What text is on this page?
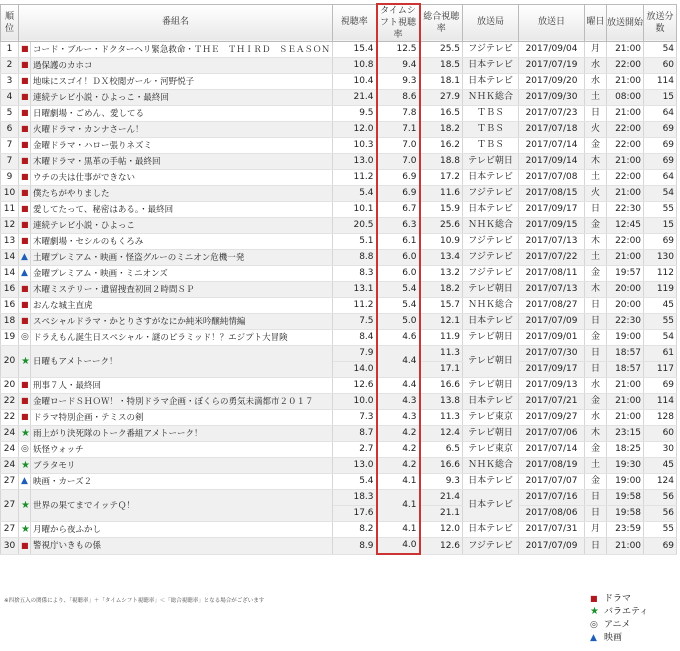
順位	番組名		視聴率	タイムシフト視聴率	総合視聴率	放送局	放送日	曜日	放送開始	放送分数

1	■	コード・ブルー・ドクターヘリ緊急救命・ＴＨＥ　ＴＨＩＲＤ　ＳＥＡＳＯＮ	15.4	12.5	25.5	フジテレビ	2017/09/04	月	21:00	54
2	■	過保護のカホコ	10.8	9.4	18.5	日本テレビ	2017/07/19	水	22:00	60
3	■	地味にスゴイ！ＤＸ校閲ガール・河野悦子	10.4	9.3	18.1	日本テレビ	2017/09/20	水	21:00	114
4	■	連続テレビ小説・ひよっこ・最終回	21.4	8.6	27.9	ＮＨＫ総合	2017/09/30	土	08:00	15
5	■	日曜劇場・ごめん、愛してる	9.5	7.8	16.5	ＴＢＳ	2017/07/23	日	21:00	64
6	■	火曜ドラマ・カンナさーん！	12.0	7.1	18.2	ＴＢＳ	2017/07/18	火	22:00	69
7	■	金曜ドラマ・ハロー張りネズミ	10.3	7.0	16.2	ＴＢＳ	2017/07/14	金	22:00	69
7	■	木曜ドラマ・黒革の手帖・最終回	13.0	7.0	18.8	テレビ朝日	2017/09/14	木	21:00	69
9	■	ウチの夫は仕事ができない	11.2	6.9	17.2	日本テレビ	2017/07/08	土	22:00	64
10	■	僕たちがやりました	5.4	6.9	11.6	フジテレビ	2017/08/15	火	21:00	54
11	■	愛してたって、秘密はある。・最終回	10.1	6.7	15.9	日本テレビ	2017/09/17	日	22:30	55
12	■	連続テレビ小説・ひよっこ	20.5	6.3	25.6	ＮＨＫ総合	2017/09/15	金	12:45	15
13	■	木曜劇場・セシルのもくろみ	5.1	6.1	10.9	フジテレビ	2017/07/13	木	22:00	69
14	▲	土曜プレミアム・映画・怪盗グルーのミニオン危機一発	8.8	6.0	13.4	フジテレビ	2017/07/22	土	21:00	130
14	▲	金曜プレミアム・映画・ミニオンズ	8.3	6.0	13.2	フジテレビ	2017/08/11	金	19:57	112
16	■	木曜ミステリー・遺留捜査初回２時間ＳＰ	13.1	5.4	18.2	テレビ朝日	2017/07/13	木	20:00	119
16	■	おんな城主直虎	11.2	5.4	15.7	ＮＨＫ総合	2017/08/27	日	20:00	45
18	■	スペシャルドラマ・かとりさすがなにか純米吟醸純情編	7.5	5.0	12.1	日本テレビ	2017/07/09	日	22:30	55
19	◎	ドラえもん誕生日スペシャル・謎のピラミッド！？エジプト大冒険	8.4	4.6	11.9	テレビ朝日	2017/09/01	金	19:00	54
20	★	日曜もアメトーーク！	7.9	4.4	11.3	テレビ朝日	2017/07/30	日	18:57	61
			14.0		17.1		2017/09/17	日	18:57	117
20	■	刑事７人・最終回	12.6	4.4	16.6	テレビ朝日	2017/09/13	水	21:00	69
22	■	金曜ロードＳＨＯＷ！・特別ドラマ企画・ぼくらの勇気未満都市２０１７	10.0	4.3	13.8	日本テレビ	2017/07/21	金	21:00	114
22	■	ドラマ特別企画・テミスの剣	7.3	4.3	11.3	テレビ東京	2017/09/27	水	21:00	128
24	★	雨上がり決死隊のトーク番組アメトーーク！	8.7	4.2	12.4	テレビ朝日	2017/07/06	木	23:15	60
24	◎	妖怪ウォッチ	2.7	4.2	6.5	テレビ東京	2017/07/14	金	18:25	30
24	★	ブラタモリ	13.0	4.2	16.6	ＮＨＫ総合	2017/08/19	土	19:30	45
27	▲	映画・カーズ２	5.4	4.1	9.3	日本テレビ	2017/07/07	金	19:00	124
27	★	世界の果てまでイッテＱ！	18.3	4.1	21.4	日本テレビ	2017/07/16	日	19:58	56
			17.6		21.1		2017/08/06	日	19:58	56
27	★	月曜から夜ふかし	8.2	4.1	12.0	日本テレビ	2017/07/31	月	23:59	55
30	■	警視庁いきもの係	8.9	4.0	12.6	フジテレビ	2017/07/09	日	21:00	69
※四捨五入の関係により、「視聴率」＋「タイムシフト視聴率」＜「総合視聴率」となる場合がございます	■ ドラマ
★ バラエティ
◎ アニメ
▲ 映画
